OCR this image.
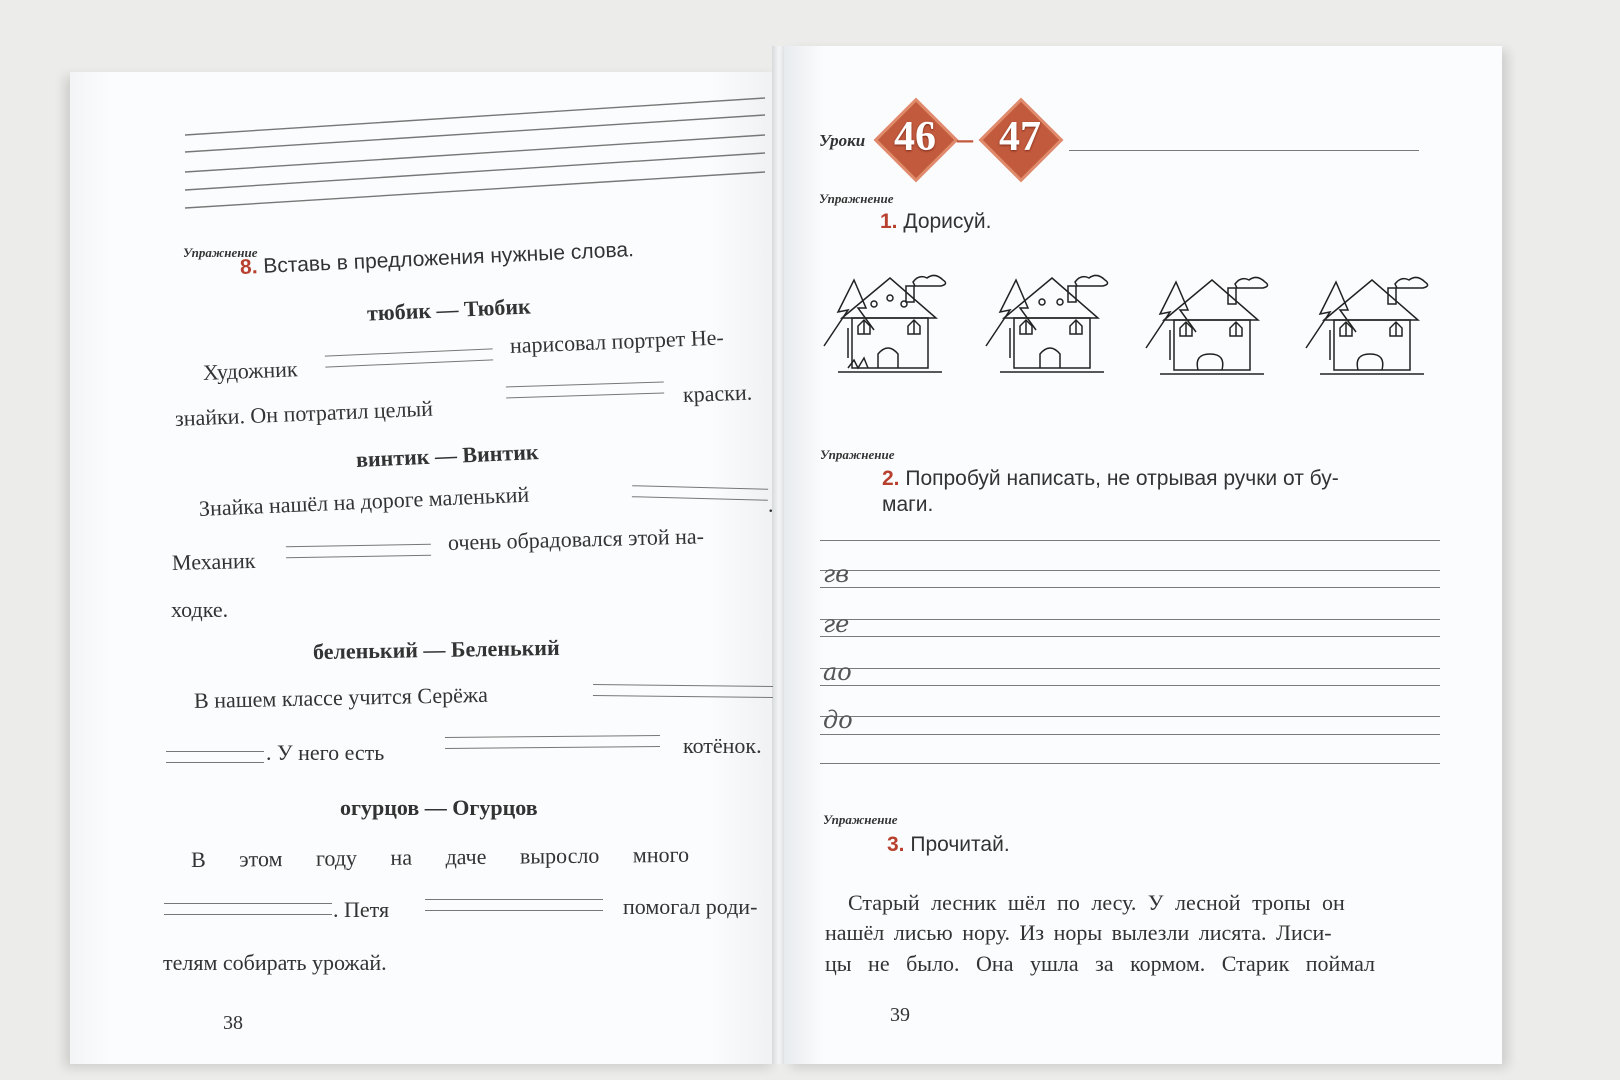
Упражнение
8. Вставь в предложения нужные слова.
тюбик — Тюбик
Художник
нарисовал портрет Не-
знайки. Он потратил целый
краски.
винтик — Винтик
Знайка нашёл на дороге маленький	.
Механик
очень обрадовался этой на-
ходке.
беленький — Беленький
В нашем классе учится Серёжа
. У него есть	котёнок.
огурцов — Огурцов
В этом году на даче выросло много
. Петя	помогал роди-
телям собирать урожай.
38
Уроки 46 – 47
Упражнение
1. Дорисуй.
Упражнение
2. Попробуй написать, не отрывая ручки от бу-
маги.
гв
ге
ао
до
Упражнение
3. Прочитай.
Старый лесник шёл по лесу. У лесной тропы он
нашёл лисью нору. Из норы вылезли лисята. Лиси-
цы не было. Она ушла за кормом. Старик поймал
39
